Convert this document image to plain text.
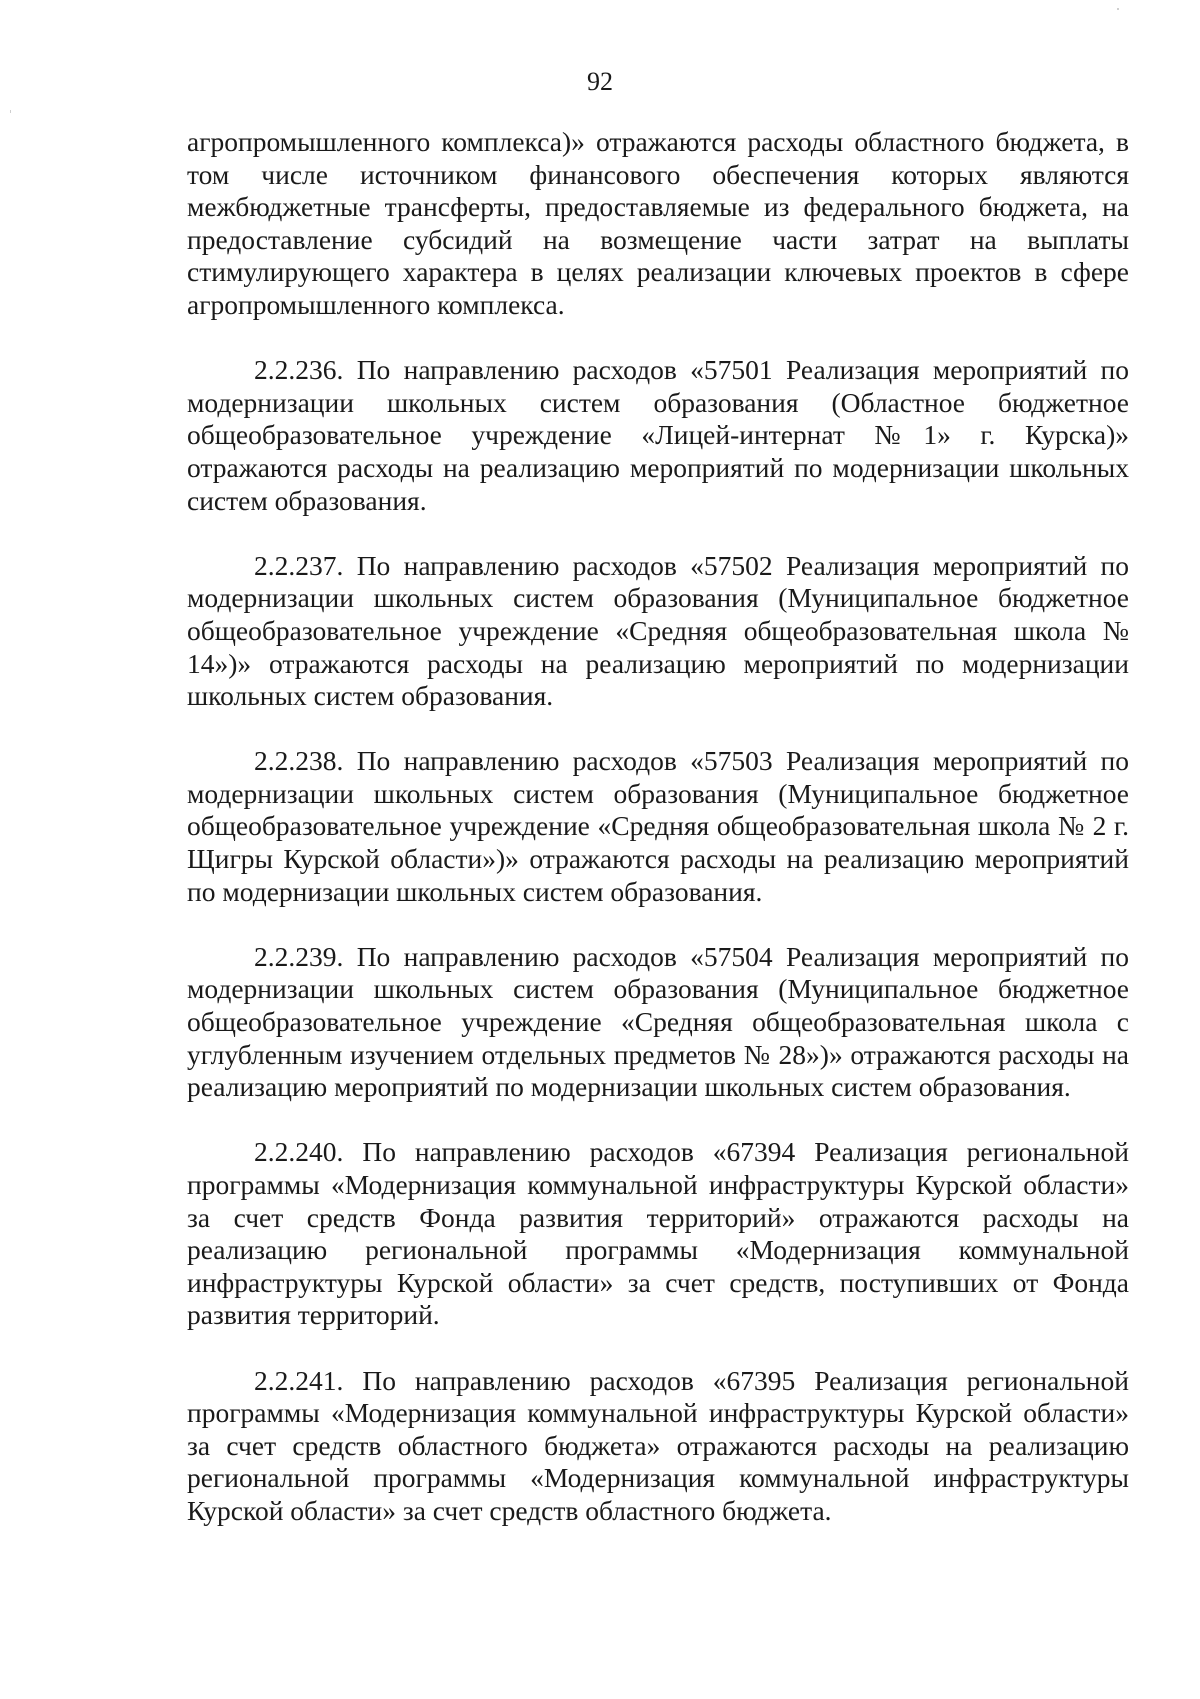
92

агропромышленного комплекса)» отражаются расходы областного бюджета, в том числе источником финансового обеспечения которых являются межбюджетные трансферты, предоставляемые из федерального бюджета, на предоставление субсидий на возмещение части затрат на выплаты стимулирующего характера в целях реализации ключевых проектов в сфере агропромышленного комплекса.

2.2.236. По направлению расходов «57501 Реализация мероприятий по модернизации школьных систем образования (Областное бюджетное общеобразовательное учреждение «Лицей-интернат №1» г. Курска)» отражаются расходы на реализацию мероприятий по модернизации школьных систем образования.

2.2.237. По направлению расходов «57502 Реализация мероприятий по модернизации школьных систем образования (Муниципальное бюджетное общеобразовательное учреждение «Средняя общеобразовательная школа № 14»)» отражаются расходы на реализацию мероприятий по модернизации школьных систем образования.

2.2.238. По направлению расходов «57503 Реализация мероприятий по модернизации школьных систем образования (Муниципальное бюджетное общеобразовательное учреждение «Средняя общеобразовательная школа № 2 г. Щигры Курской области»)» отражаются расходы на реализацию мероприятий по модернизации школьных систем образования.

2.2.239. По направлению расходов «57504 Реализация мероприятий по модернизации школьных систем образования (Муниципальное бюджетное общеобразовательное учреждение «Средняя общеобразовательная школа с углубленным изучением отдельных предметов № 28»)» отражаются расходы на реализацию мероприятий по модернизации школьных систем образования.

2.2.240. По направлению расходов «67394 Реализация региональной программы «Модернизация коммунальной инфраструктуры Курской области» за счет средств Фонда развития территорий» отражаются расходы на реализацию региональной программы «Модернизация коммунальной инфраструктуры Курской области» за счет средств, поступивших от Фонда развития территорий.

2.2.241. По направлению расходов «67395 Реализация региональной программы «Модернизация коммунальной инфраструктуры Курской области» за счет средств областного бюджета» отражаются расходы на реализацию региональной программы «Модернизация коммунальной инфраструктуры Курской области» за счет средств областного бюджета.
